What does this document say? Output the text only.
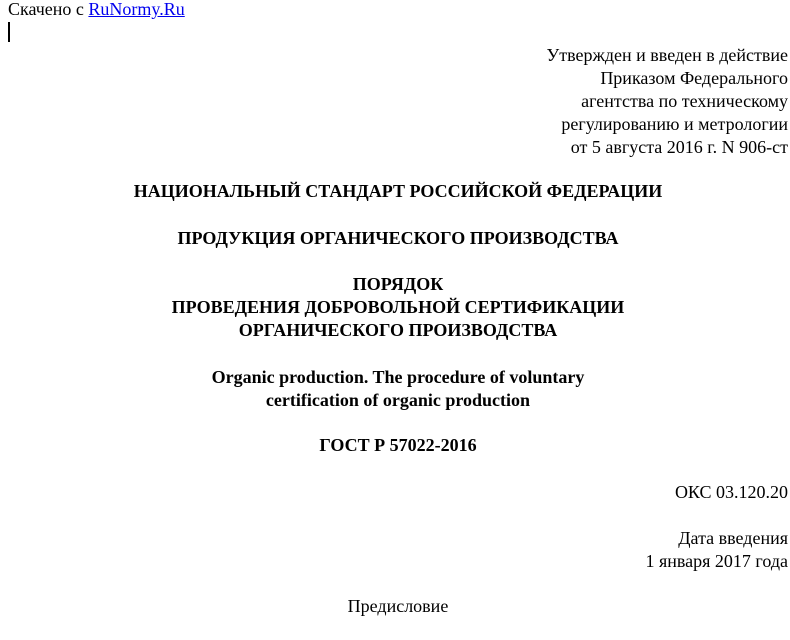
Скачено с RuNormy.Ru
Утвержден и введен в действие
Приказом Федерального
агентства по техническому
регулированию и метрологии
от 5 августа 2016 г. N 906-ст
НАЦИОНАЛЬНЫЙ СТАНДАРТ РОССИЙСКОЙ ФЕДЕРАЦИИ
ПРОДУКЦИЯ ОРГАНИЧЕСКОГО ПРОИЗВОДСТВА
ПОРЯДОК
ПРОВЕДЕНИЯ ДОБРОВОЛЬНОЙ СЕРТИФИКАЦИИ
ОРГАНИЧЕСКОГО ПРОИЗВОДСТВА
Organic production. The procedure of voluntary
certification of organic production
ГОСТ Р 57022-2016
ОКС 03.120.20
Дата введения
1 января 2017 года
Предисловие
